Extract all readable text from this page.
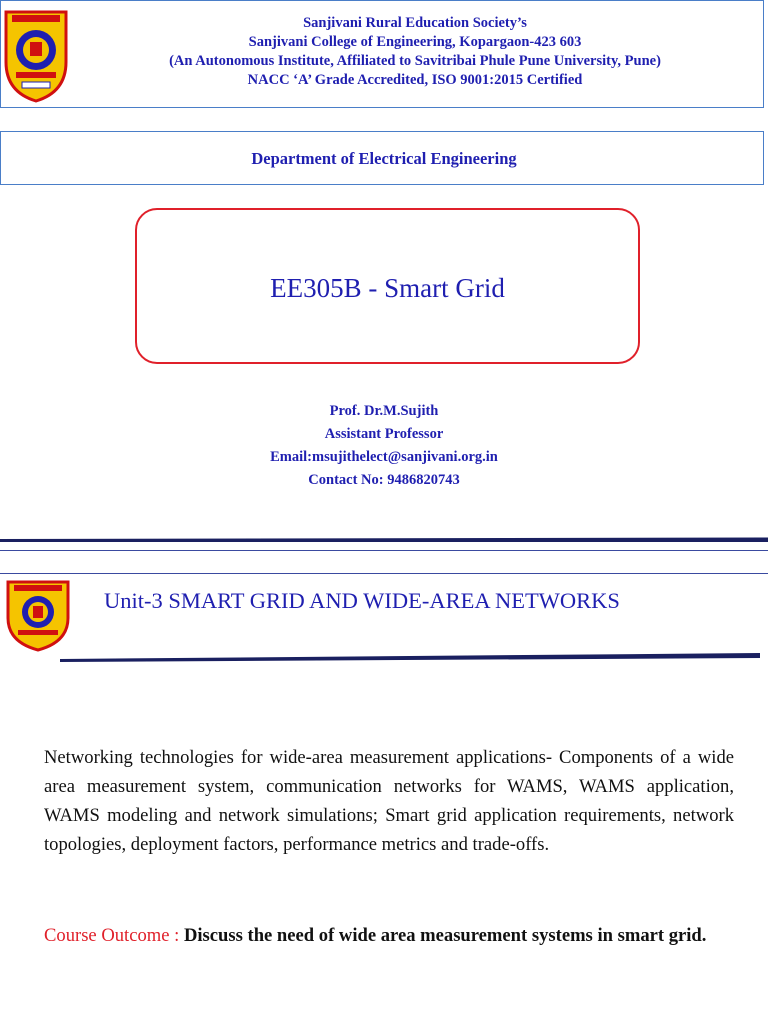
Sanjivani Rural Education Society’s
Sanjivani College of Engineering, Kopargaon-423 603
(An Autonomous Institute, Affiliated to Savitribai Phule Pune University, Pune)
NACC ‘A’ Grade Accredited, ISO 9001:2015 Certified
Department of Electrical Engineering
EE305B - Smart Grid
Prof. Dr.M.Sujith
Assistant Professor
Email:msujithelect@sanjivani.org.in
Contact No: 9486820743
Unit-3 SMART GRID AND WIDE-AREA NETWORKS
Networking technologies for wide-area measurement applications- Components of a wide area measurement system, communication networks for WAMS, WAMS application, WAMS modeling and network simulations; Smart grid application requirements, network topologies, deployment factors, performance metrics and trade-offs.
Course Outcome : Discuss the need of wide area measurement systems in smart grid.
